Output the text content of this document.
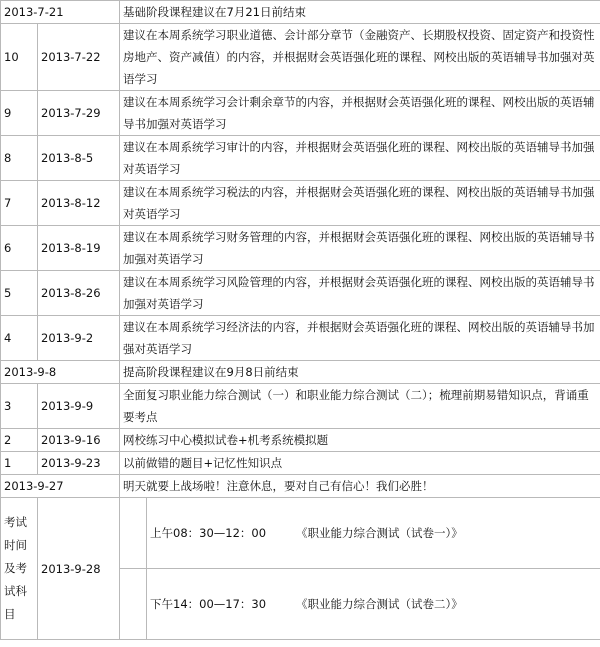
2013-7-21		基础阶段课程建议在7月21日前结束	
10	2013-7-22	建议在本周系统学习职业道德、会计部分章节（金融资产、长期股权投资、固定资产和投资性房地产、资产减值）的内容，并根据财会英语强化班的课程、网校出版的英语辅导书加强对英语学习	
9	2013-7-29	建议在本周系统学习会计剩余章节的内容，并根据财会英语强化班的课程、网校出版的英语辅导书加强对英语学习	
8	2013-8-5	建议在本周系统学习审计的内容，并根据财会英语强化班的课程、网校出版的英语辅导书加强对英语学习	
7	2013-8-12	建议在本周系统学习税法的内容，并根据财会英语强化班的课程、网校出版的英语辅导书加强对英语学习	
6	2013-8-19	建议在本周系统学习财务管理的内容，并根据财会英语强化班的课程、网校出版的英语辅导书加强对英语学习	
5	2013-8-26	建议在本周系统学习风险管理的内容，并根据财会英语强化班的课程、网校出版的英语辅导书加强对英语学习	
4	2013-9-2	建议在本周系统学习经济法的内容，并根据财会英语强化班的课程、网校出版的英语辅导书加强对英语学习	
2013-9-8		提高阶段课程建议在9月8日前结束	
3	2013-9-9	全面复习职业能力综合测试（一）和职业能力综合测试（二）；梳理前期易错知识点，背诵重要考点	
2	2013-9-16	网校练习中心模拟试卷+机考系统模拟题	
1	2013-9-23	以前做错的题目+记忆性知识点	
2013-9-27		明天就要上战场啦！注意休息，要对自己有信心！我们必胜！	
考试时间及考试科目	2013-9-28		上午08：30—12：00 《职业能力综合测试（试卷一）》

			下午14：00—17：30 《职业能力综合测试（试卷二）》
